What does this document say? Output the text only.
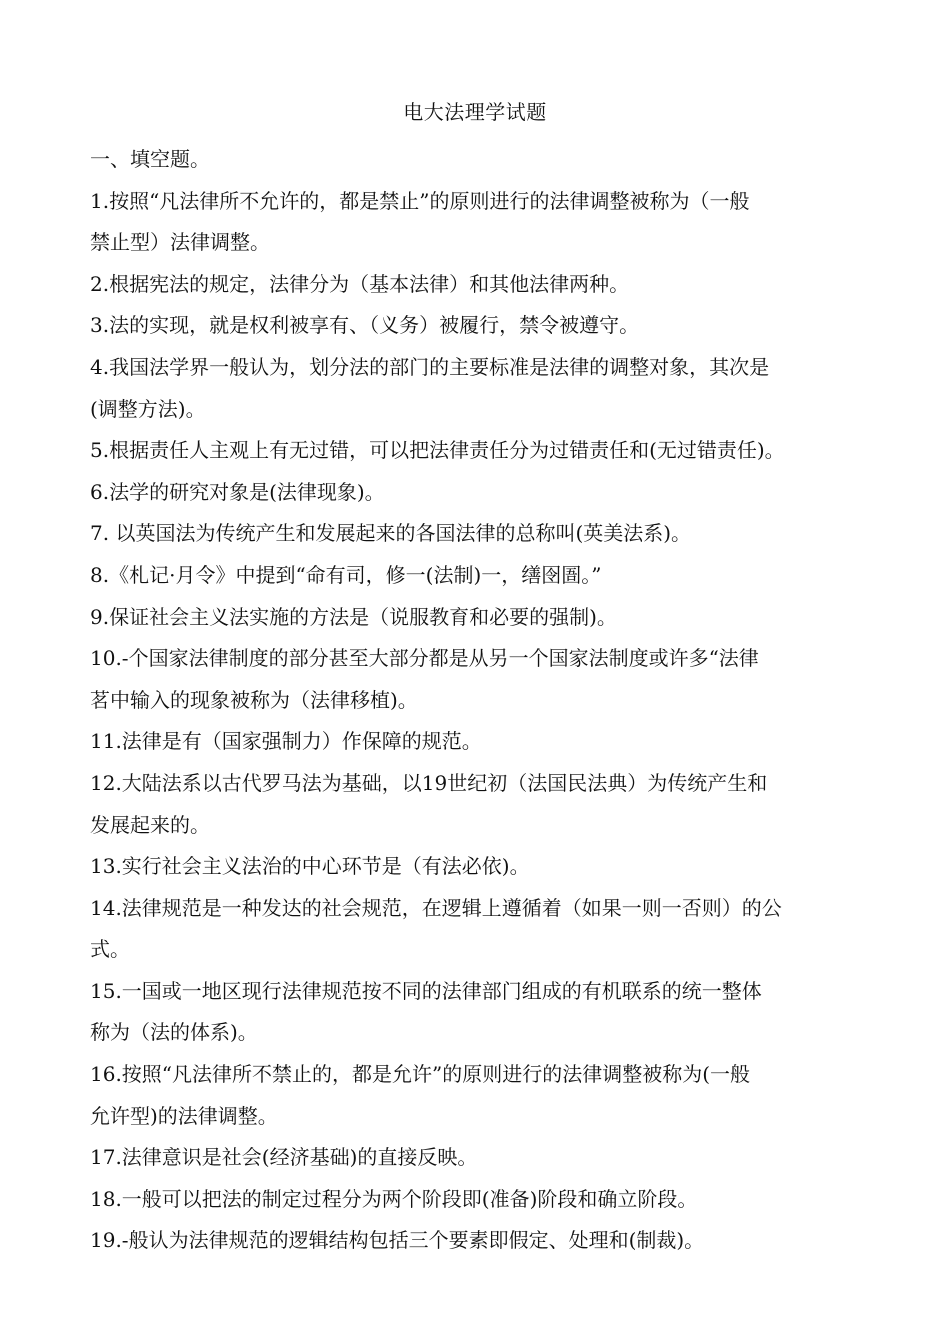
电大法理学试题
一、填空题。
1.按照“凡法律所不允许的，都是禁止”的原则进行的法律调整被称为（一般
禁止型）法律调整。
2.根据宪法的规定，法律分为（基本法律）和其他法律两种。
3.法的实现，就是权利被享有、（义务）被履行，禁令被遵守。
4.我国法学界一般认为，划分法的部门的主要标准是法律的调整对象，其次是
(调整方法)。
5.根据责任人主观上有无过错，可以把法律责任分为过错责任和(无过错责任)。
6.法学的研究对象是(法律现象)。
7. 以英国法为传统产生和发展起来的各国法律的总称叫(英美法系)。
8.《札记·月令》中提到“命有司，修一(法制)一，缮囹圄。”
9.保证社会主义法实施的方法是（说服教育和必要的强制)。
10.-个国家法律制度的部分甚至大部分都是从另一个国家法制度或许多“法律
茗中输入的现象被称为（法律移植)。
11.法律是有（国家强制力）作保障的规范。
12.大陆法系以古代罗马法为基础，以19世纪初（法国民法典）为传统产生和
发展起来的。
13.实行社会主义法治的中心环节是（有法必依)。
14.法律规范是一种发达的社会规范，在逻辑上遵循着（如果一则一否则）的公
式。
15.一国或一地区现行法律规范按不同的法律部门组成的有机联系的统一整体
称为（法的体系)。
16.按照“凡法律所不禁止的，都是允许”的原则进行的法律调整被称为(一般
允许型)的法律调整。
17.法律意识是社会(经济基础)的直接反映。
18.一般可以把法的制定过程分为两个阶段即(准备)阶段和确立阶段。
19.-般认为法律规范的逻辑结构包括三个要素即假定、处理和(制裁)。
